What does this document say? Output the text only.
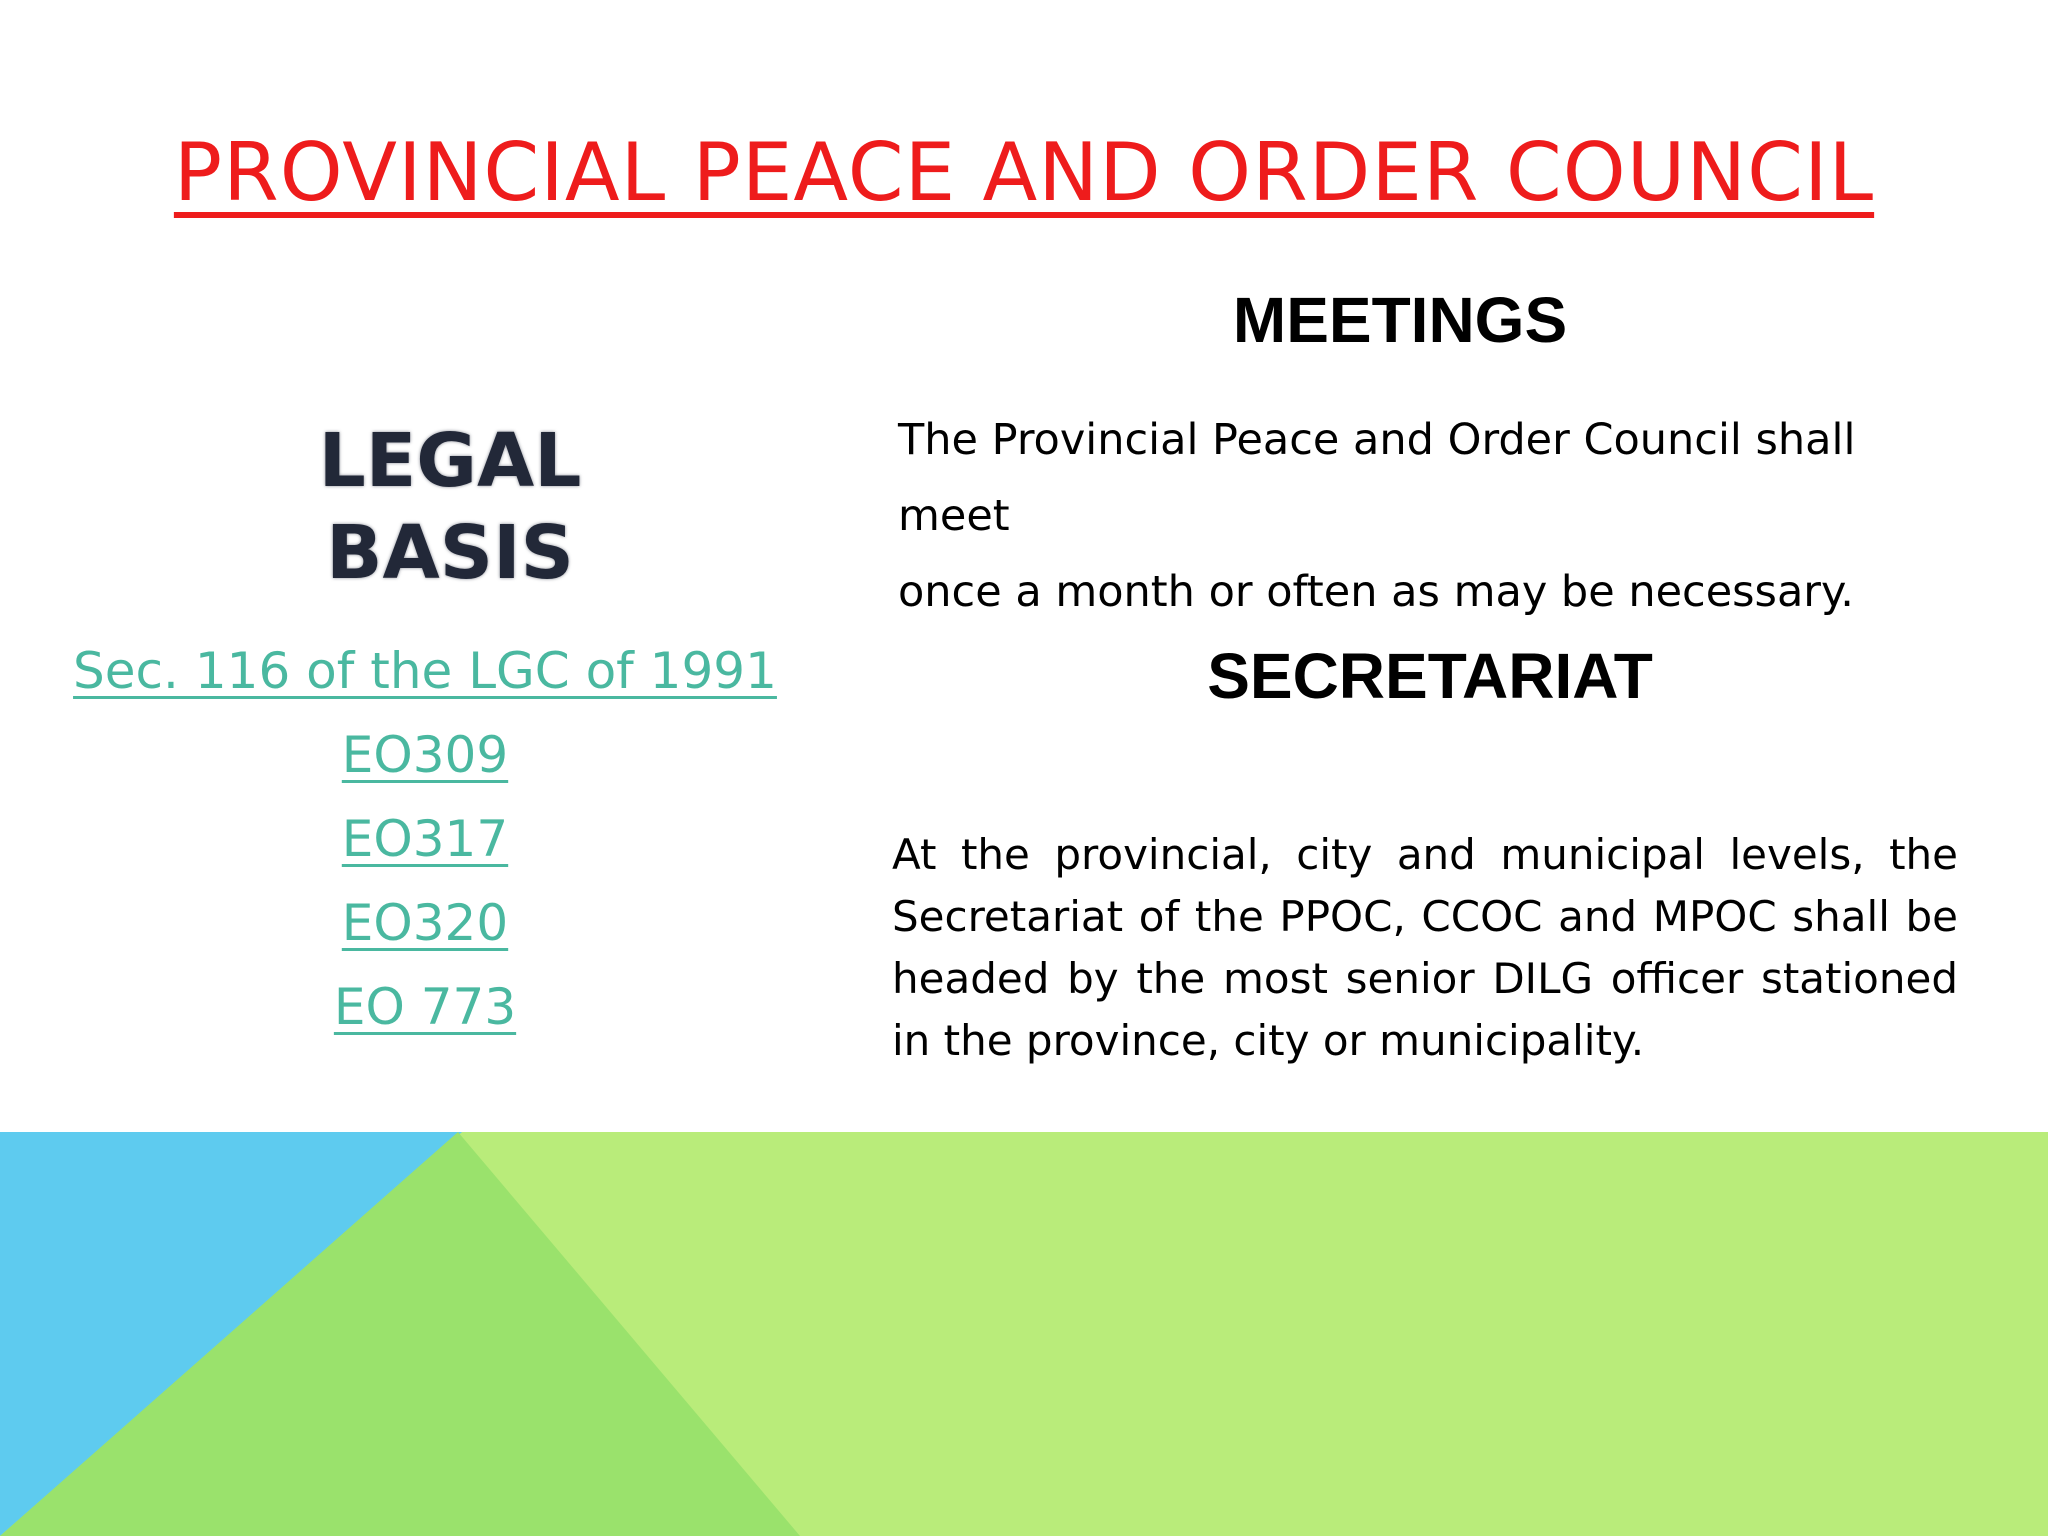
PROVINCIAL PEACE AND ORDER COUNCIL
LEGAL
BASIS
Sec. 116 of the LGC of 1991
EO309
EO317
EO320
EO 773
MEETINGS
The Provincial Peace and Order Council shall meet
once a month or often as may be necessary.
SECRETARIAT

At the provincial, city and municipal levels, the Secretariat of the PPOC, CCOC and MPOC shall be headed by the most senior DILG officer stationed in the province, city or municipality.
